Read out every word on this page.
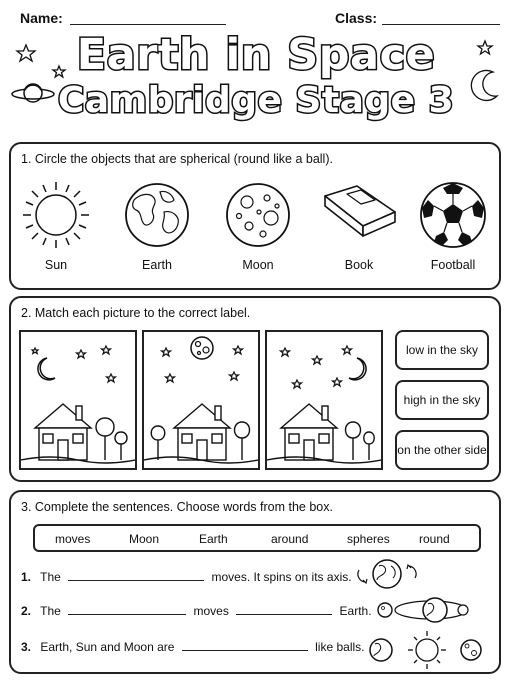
Name:	Class:
Earth in Space
Cambridge Stage 3
1. Circle the objects that are spherical (round like a ball).
Sun	Earth	Moon	Book	Football
2. Match each picture to the correct label.
low in the sky
high in the sky
on the other side
3. Complete the sentences. Choose words from the box.
moves	Moon	Earth	around	spheres round
1. The	moves. It spins on its axis.
2. The	moves	Earth.
3. Earth, Sun and Moon are	like balls.
